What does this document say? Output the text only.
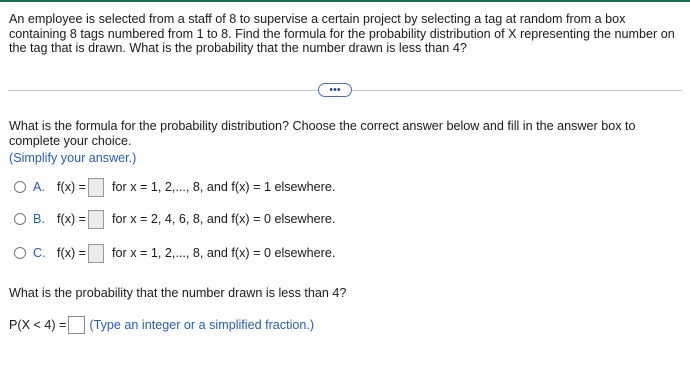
An employee is selected from a staff of 8 to supervise a certain project by selecting a tag at random from a box containing 8 tags numbered from 1 to 8. Find the formula for the probability distribution of X representing the number on the tag that is drawn. What is the probability that the number drawn is less than 4?
•••
What is the formula for the probability distribution? Choose the correct answer below and fill in the answer box to complete your choice.
(Simplify your answer.)
A. f(x) = for x = 1, 2,..., 8, and f(x) = 1 elsewhere.
B. f(x) = for x = 2, 4, 6, 8, and f(x) = 0 elsewhere.
C. f(x) = for x = 1, 2,..., 8, and f(x) = 0 elsewhere.
What is the probability that the number drawn is less than 4?
P(X < 4) = (Type an integer or a simplified fraction.)
